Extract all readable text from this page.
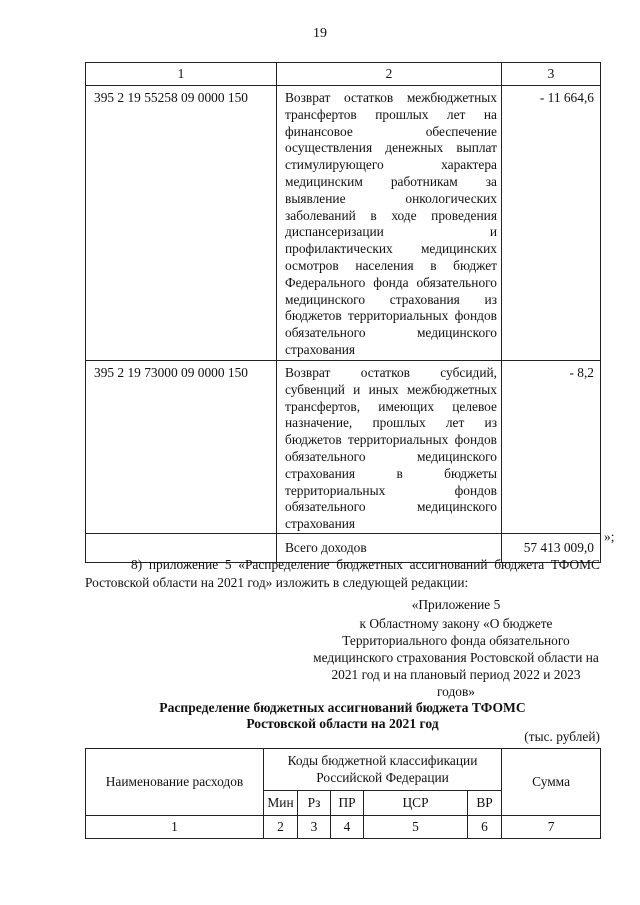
19
1	2	3
395 2 19 55258 09 0000 150	Возврат остатков межбюджетных трансфертов прошлых лет на финансовое обеспечение осуществления денежных выплат стимулирующего характера медицинским работникам за выявление онкологических заболеваний в ходе проведения диспансеризации и профилактических медицинских осмотров населения в бюджет Федерального фонда обязательного медицинского страхования из бюджетов территориальных фондов обязательного медицинского страхования	- 11 664,6
395 2 19 73000 09 0000 150	Возврат остатков субсидий, субвенций и иных межбюджетных трансфертов, имеющих целевое назначение, прошлых лет из бюджетов территориальных фондов обязательного медицинского страхования в бюджеты территориальных фондов обязательного медицинского страхования	- 8,2
	Всего доходов	57 413 009,0
»;
8) приложение 5 «Распределение бюджетных ассигнований бюджета ТФОМС Ростовской области на 2021 год» изложить в следующей редакции:
«Приложение 5
к Областному закону «О бюджете Территориального фонда обязательного медицинского страхования Ростовской области на 2021 год и на плановый период 2022 и 2023 годов»
Распределение бюджетных ассигнований бюджета ТФОМС
Ростовской области на 2021 год
(тыс. рублей)
Наименование расходов	Коды бюджетной классификации Российской Федерации					Сумма
	Мин	Рз	ПР	ЦСР	ВР	
1	2	3	4	5	6	7
